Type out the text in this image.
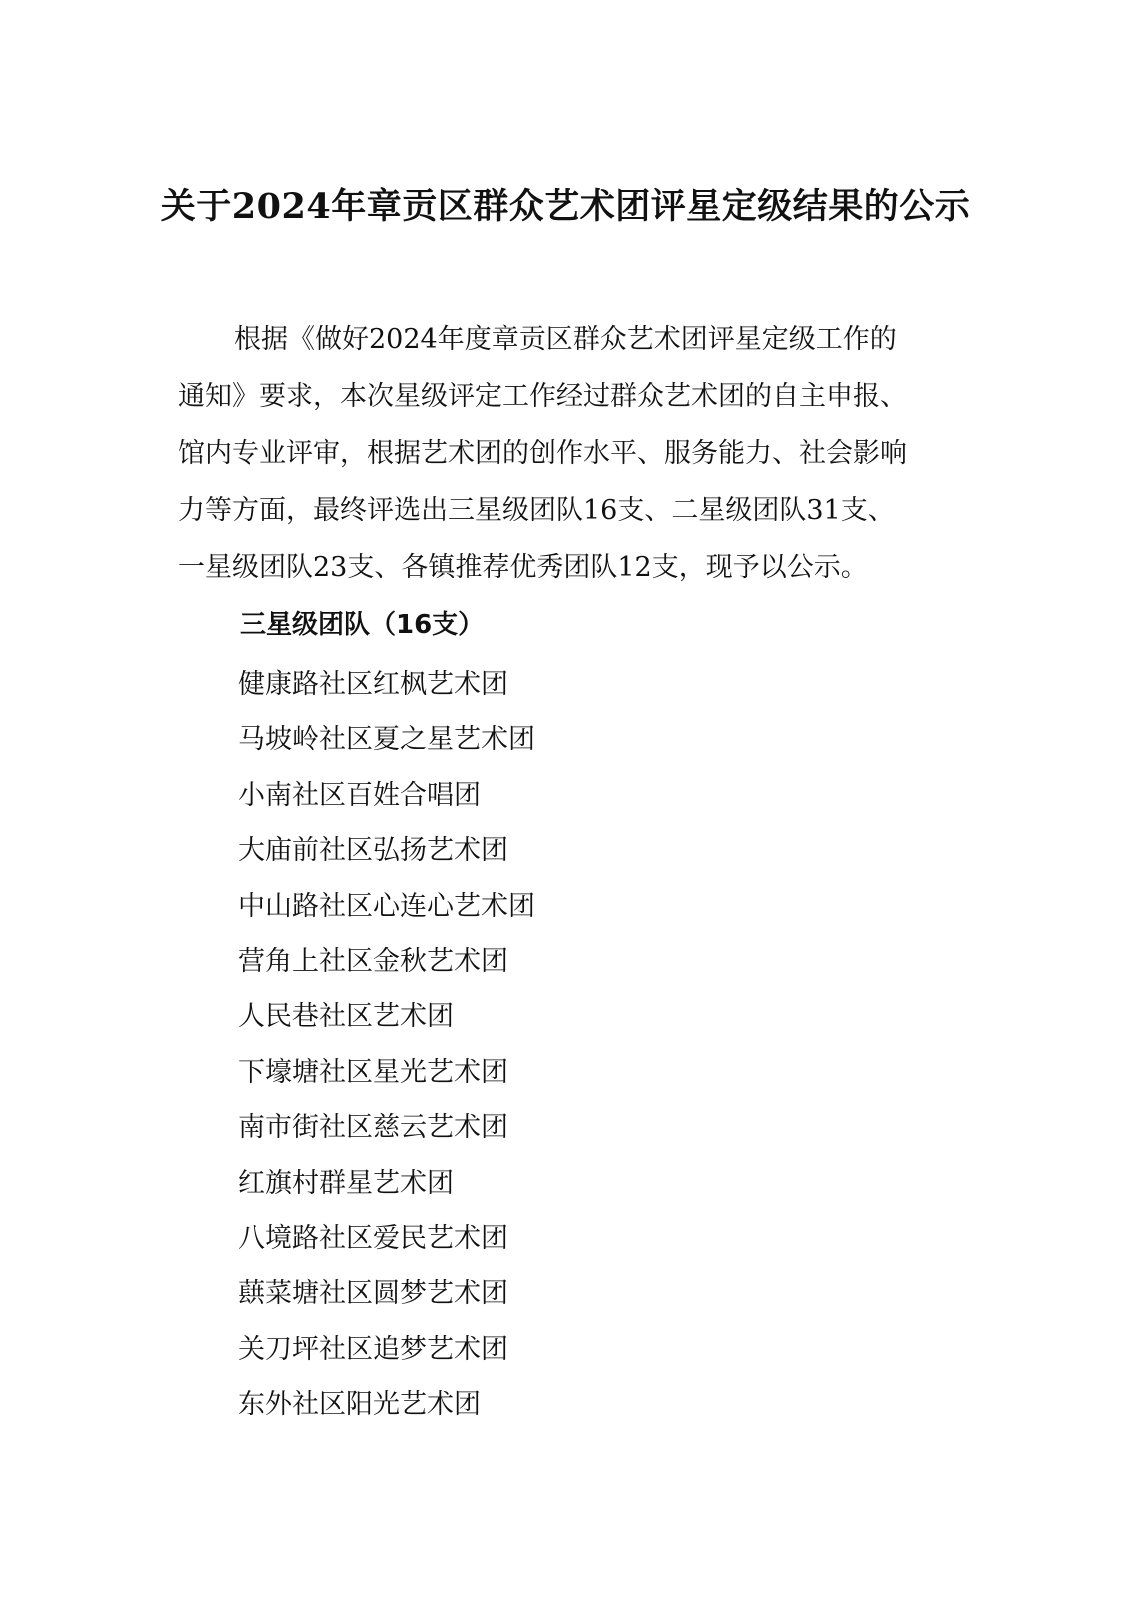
关于2024年章贡区群众艺术团评星定级结果的公示
根据《做好2024年度章贡区群众艺术团评星定级工作的
通知》要求，本次星级评定工作经过群众艺术团的自主申报、
馆内专业评审，根据艺术团的创作水平、服务能力、社会影响
力等方面，最终评选出三星级团队16支、二星级团队31支、
一星级团队23支、各镇推荐优秀团队12支，现予以公示。
三星级团队（16支）
健康路社区红枫艺术团
马坡岭社区夏之星艺术团
小南社区百姓合唱团
大庙前社区弘扬艺术团
中山路社区心连心艺术团
营角上社区金秋艺术团
人民巷社区艺术团
下壕塘社区星光艺术团
南市街社区慈云艺术团
红旗村群星艺术团
八境路社区爱民艺术团
蕻菜塘社区圆梦艺术团
关刀坪社区追梦艺术团
东外社区阳光艺术团
